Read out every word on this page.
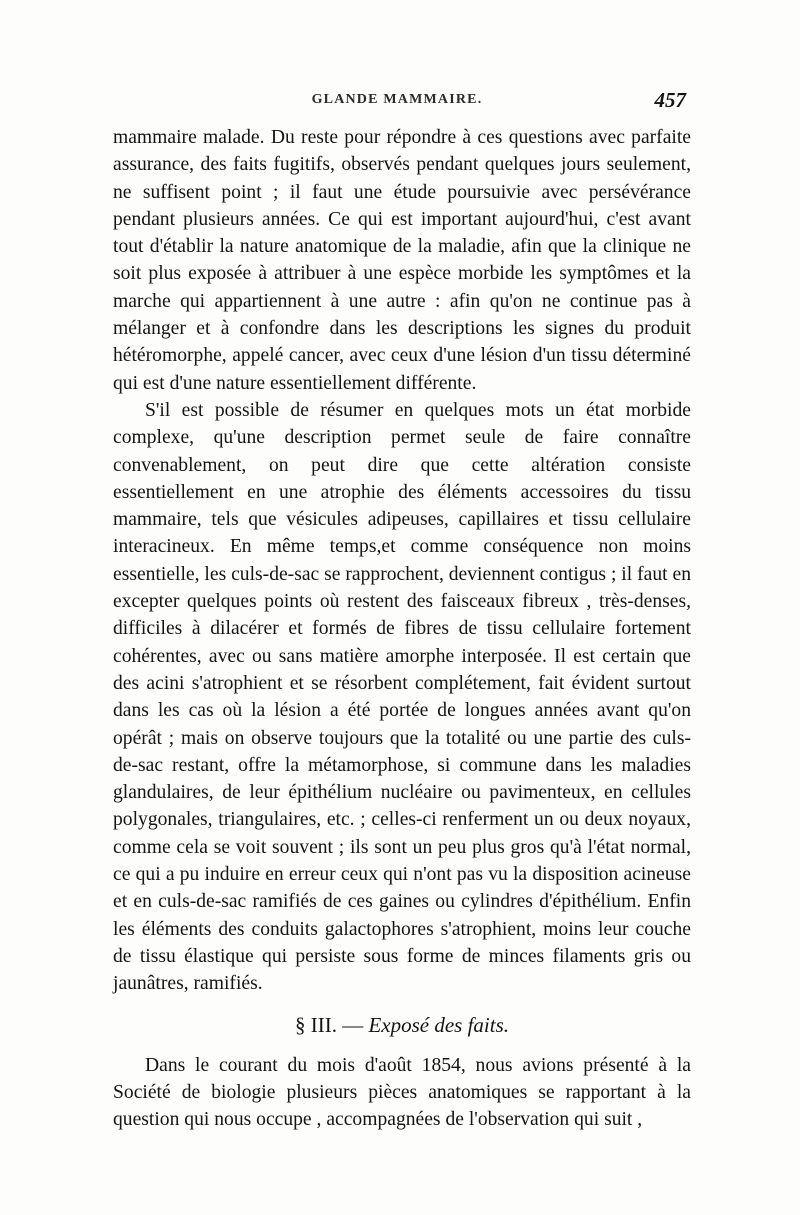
GLANDE MAMMAIRE.	457

mammaire malade. Du reste pour répondre à ces questions avec parfaite assurance, des faits fugitifs, observés pendant quelques jours seulement, ne suffisent point ; il faut une étude poursuivie avec persévérance pendant plusieurs années. Ce qui est important aujourd'hui, c'est avant tout d'établir la nature anatomique de la maladie, afin que la clinique ne soit plus exposée à attribuer à une espèce morbide les symptômes et la marche qui appartiennent à une autre : afin qu'on ne continue pas à mélanger et à confondre dans les descriptions les signes du produit hétéromorphe, appelé cancer, avec ceux d'une lésion d'un tissu déterminé qui est d'une nature essentiellement différente.

S'il est possible de résumer en quelques mots un état morbide complexe, qu'une description permet seule de faire connaître convenablement, on peut dire que cette altération consiste essentiellement en une atrophie des éléments accessoires du tissu mammaire, tels que vésicules adipeuses, capillaires et tissu cellulaire interacineux. En même temps,et comme conséquence non moins essentielle, les culs-de-sac se rapprochent, deviennent contigus ; il faut en excepter quelques points où restent des faisceaux fibreux , très-denses, difficiles à dilacérer et formés de fibres de tissu cellulaire fortement cohérentes, avec ou sans matière amorphe interposée. Il est certain que des acini s'atrophient et se résorbent complétement, fait évident surtout dans les cas où la lésion a été portée de longues années avant qu'on opérât ; mais on observe toujours que la totalité ou une partie des culs-de-sac restant, offre la métamorphose, si commune dans les maladies glandulaires, de leur épithélium nucléaire ou pavimenteux, en cellules polygonales, triangulaires, etc. ; celles-ci renferment un ou deux noyaux, comme cela se voit souvent ; ils sont un peu plus gros qu'à l'état normal, ce qui a pu induire en erreur ceux qui n'ont pas vu la disposition acineuse et en culs-de-sac ramifiés de ces gaines ou cylindres d'épithélium. Enfin les éléments des conduits galactophores s'atrophient, moins leur couche de tissu élastique qui persiste sous forme de minces filaments gris ou jaunâtres, ramifiés.

§ III. — Exposé des faits.

Dans le courant du mois d'août 1854, nous avions présenté à la Société de biologie plusieurs pièces anatomiques se rapportant à la question qui nous occupe , accompagnées de l'observation qui suit ,
